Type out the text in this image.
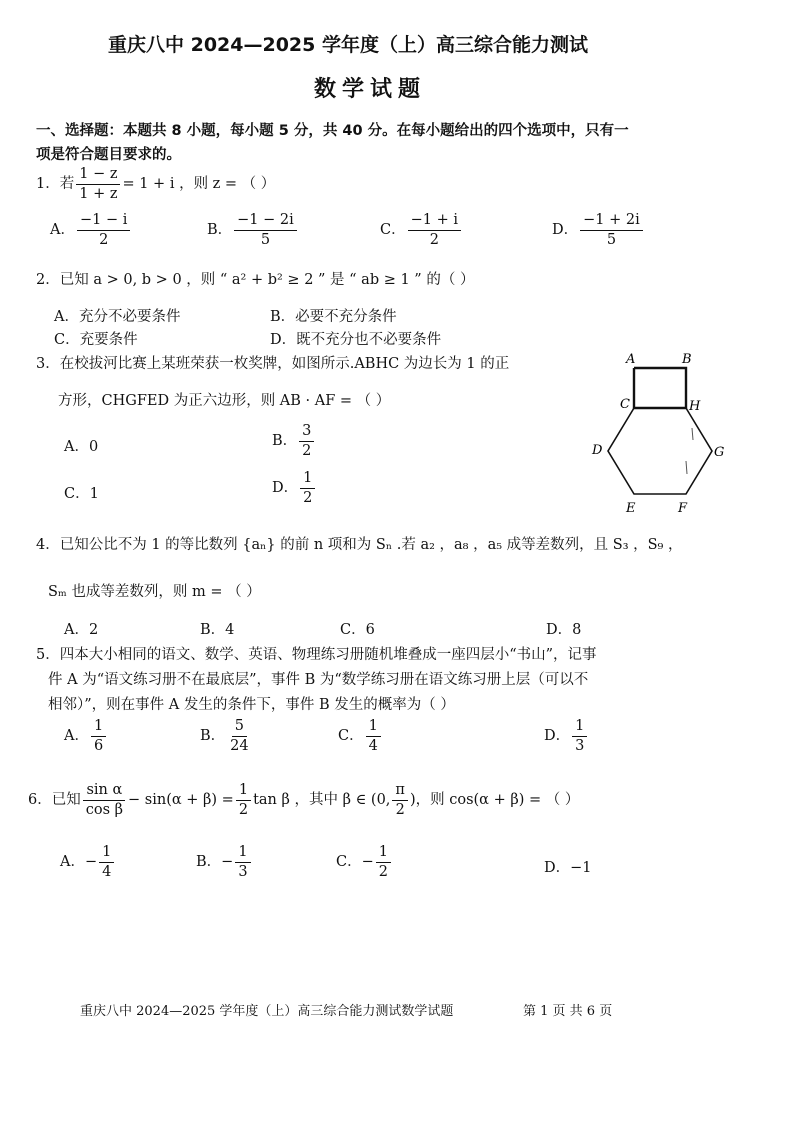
重庆八中 2024—2025 学年度（上）高三综合能力测试
数学试题
一、选择题：本题共 8 小题，每小题 5 分，共 40 分。在每小题给出的四个选项中，只有一
项是符合题目要求的。
1．若 $\frac{1 - z}{1 + z} = 1 + i$ ，则 z = （ ）
A． $\frac{-1 - i}{2}$	B． $\frac{-1 - 2i}{5}$	C． $\frac{-1 + i}{2}$	D． $\frac{-1 + 2i}{5}$
2．已知 a > 0, b > 0 ，则 “ a² + b² ≥ 2 ” 是 “ ab ≥ 1 ” 的（ ）
A．充分不必要条件	B．必要不充分条件
C．充要条件	D．既不充分也不必要条件
3．在校拔河比赛上某班荣获一枚奖牌，如图所示.ABHC 为边长为 1 的正
方形，CHGFED 为正六边形，则 AB · AF = （ ）
A．0	B． $\frac{3}{2}$
C．1	D． $\frac{1}{2}$
A	B
C	H
D	G
E	F
4．已知公比不为 1 的等比数列 {aₙ} 的前 n 项和为 Sₙ .若 a₂ ，a₈ ，a₅ 成等差数列，且 S₃ ，S₉ ，
Sₘ 也成等差数列，则 m = （ ）
A．2	B．4	C．6	D．8
5．四本大小相同的语文、数学、英语、物理练习册随机堆叠成一座四层小“书山”，记事
件 A 为“语文练习册不在最底层”，事件 B 为“数学练习册在语文练习册上层（可以不
相邻）”，则在事件 A 发生的条件下，事件 B 发生的概率为（ ）
A． $\frac{1}{6}$	B． $\frac{5}{24}$	C． $\frac{1}{4}$	D． $\frac{1}{3}$
6．已知 $\frac{\text{sin α}}{\text{cos β}} - \sin(\alpha + \beta) = \frac{1}{2}$ tan β ，其中 β ∈ (0, $\frac{\pi}{2}$ )，则 cos(α + β) = （ ）
A．− $\frac{1}{4}$	B．− $\frac{1}{3}$	C．− $\frac{1}{2}$	D．−1
重庆八中 2024—2025 学年度（上）高三综合能力测试数学试题	第 1 页 共 6 页
